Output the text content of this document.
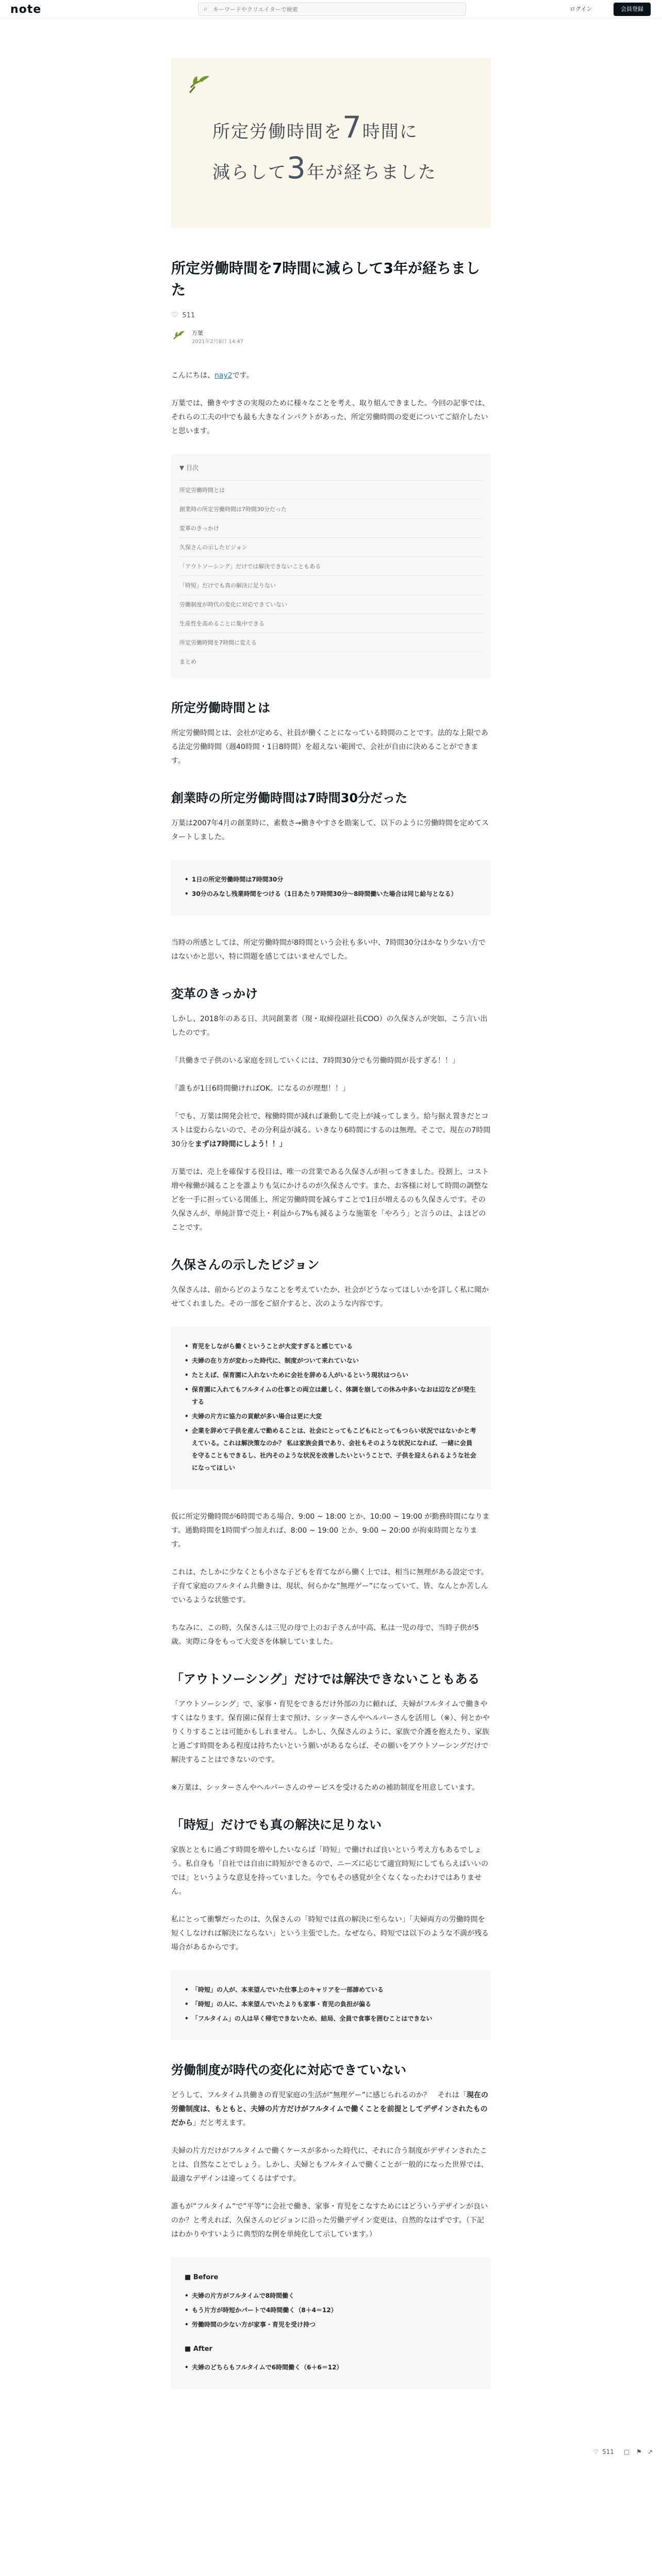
note	⌕
キーワードやクリエイターで検索	ログイン	会員登録
所定労働時間を7時間に
減らして3年が経ちました
所定労働時間を7時間に減らして3年が経ちました
♡ 511
万葉
2021年2月8日 14:47

こんにちは、nay2です。

万葉では、働きやすさの実現のために様々なことを考え、取り組んできました。今回の記事では、それらの工夫の中でも最も大きなインパクトがあった、所定労働時間の変更についてご紹介したいと思います。

▼ 目次
所定労働時間とは
創業時の所定労働時間は7時間30分だった
変革のきっかけ
久保さんの示したビジョン
「アウトソーシング」だけでは解決できないこともある
「時短」だけでも真の解決に足りない
労働制度が時代の変化に対応できていない
生産性を高めることに集中できる
所定労働時間を7時間に変える
まとめ
所定労働時間とは

所定労働時間とは、会社が定める、社員が働くことになっている時間のことです。法的な上限である法定労働時間（週40時間・1日8時間）を超えない範囲で、会社が自由に決めることができます。

創業時の所定労働時間は7時間30分だった

万葉は2007年4月の創業時に、素数さ→働きやすさを勘案して、以下のように労働時間を定めてスタートしました。

• 1日の所定労働時間は7時間30分
• 30分のみなし残業時間をつける（1日あたり7時間30分〜8時間働いた場合は同じ給与となる）

当時の所感としては、所定労働時間が8時間という会社も多い中、7時間30分はかなり少ない方ではないかと思い、特に問題を感じてはいませんでした。

変革のきっかけ

しかし、2018年のある日、共同創業者（現・取締役副社長COO）の久保さんが突如、こう言い出したのです。

「共働きで子供のいる家庭を回していくには、7時間30分でも労働時間が長すぎる！！」

「誰もが1日6時間働ければOK。になるのが理想！！」

「でも、万葉は開発会社で、稼働時間が減れば兼動して売上が減ってしまう。給与据え置きだとコストは変わらないので、その分利益が減る。いきなり6時間にするのは無理。そこで、現在の7時間30分をまずは7時間にしよう！！」

万葉では、売上を確保する役目は、唯一の営業である久保さんが担ってきました。役割上、コスト増や稼働が減ることを誰よりも気にかけるのが久保さんです。また、お客様に対して時間の調整などを一手に担っている関係上、所定労働時間を減らすことで1日が増えるのも久保さんです。その久保さんが、単純計算で売上・利益から7%も減るような施策を「やろう」と言うのは、よほどのことです。

久保さんの示したビジョン

久保さんは、前からどのようなことを考えていたか、社会がどうなってほしいかを詳しく私に聞かせてくれました。その一部をご紹介すると、次のような内容です。

• 育児をしながら働くということが大変すぎると感じている
• 夫婦の在り方が変わった時代に、制度がついて来れていない
• たとえば、保育園に入れないために会社を辞める人がいるという現状はつらい
• 保育園に入れてもフルタイムの仕事との両立は厳しく、体調を崩しての休み中多いなおは辺などが発生する
• 夫婦の片方に協力の貢献が多い場合は更に大変
• 企業を辞めて子供を産んで勤めることは、社会にとってもこどもにとってもつらい状況ではないかと考えている。これは解決策なのか？ 私は家族会員であり、会社もそのような状況になれば、一緒に会員を守ることもできるし、社内そのような状況を改善したいということで、子供を迎えられるような社会になってほしい

仮に所定労働時間が6時間である場合、9:00 ~ 18:00 とか、10:00 ~ 19:00 が勤務時間になります。通勤時間を1時間ずつ加えれば、8:00 ~ 19:00 とか、9:00 ~ 20:00 が拘束時間となります。

これは、たしかに少なくとも小さな子どもを育てながら働く上では、相当に無理がある設定です。子育て家庭のフルタイム共働きは、現状、何らかな”無理ゲー”になっていて、皆、なんとか苦しんでいるような状態です。

ちなみに、この時、久保さんは三児の母で上のお子さんが中高、私は一児の母で、当時子供が5歳。実際に身をもって大変さを体験していました。

「アウトソーシング」だけでは解決できないこともある

「アウトソーシング」で、家事・育児をできるだけ外部の力に頼れば、夫婦がフルタイムで働きやすくはなります。保育園に保育士まで預け、シッターさんやヘルパーさんを活用し（※）、何とかやりくりすることは可能かもしれません。しかし、久保さんのように、家族で介護を抱えたり、家族と過ごす時間をある程度は持ちたいという願いがあるならば、その願いをアウトソーシングだけで解決することはできないのです。

※万葉は、シッターさんやヘルパーさんのサービスを受けるための補助制度を用意しています。

「時短」だけでも真の解決に足りない

家族とともに過ごす時間を増やしたいならば「時短」で働ければ良いという考え方もあるでしょう。私自身も「自社では自由に時短ができるので、ニーズに応じて適宜時短にしてもらえばいいのでは」というような意見を持っていました。今でもその感覚が全くなくなったわけではありません。

私にとって衝撃だったのは、久保さんの「時短では真の解決に至らない」「夫婦両方の労働時間を短くしなければ解決にならない」という主張でした。なぜなら、時短では以下のような不満が残る場合があるからです。

• 「時短」の人が、本来望んでいた仕事上のキャリアを一部諦めている
• 「時短」の人に、本来望んでいたよりも家事・育児の負担が偏る
• 「フルタイム」の人は早く帰宅できないため、結局、全員で食事を囲むことはできない
労働制度が時代の変化に対応できていない

どうして、フルタイム共働きの育児家庭の生活が”無理ゲー”に感じられるのか？　それは「現在の労働制度は、もともと、夫婦の片方だけがフルタイムで働くことを前提としてデザインされたものだから」だと考えます。

夫婦の片方だけがフルタイムで働くケースが多かった時代に、それに合う制度がデザインされたことは、自然なことでしょう。しかし、夫婦ともフルタイムで働くことが一般的になった世界では、最適なデザインは違ってくるはずです。

誰もが”フルタイム”で”平等”に会社で働き、家事・育児をこなすためにはどういうデザインが良いのか？と考えれば、久保さんのビジョンに沿った労働デザイン変更は、自然的なはずです。（下記はわかりやすいように典型的な例を単純化して示しています。）

■ Before
• 夫婦の片方がフルタイムで8時間働く
• もう片方が時短かパートで4時間働く（8＋4＝12）
• 労働時間の少ない方が家事・育児を受け持つ
■ After
• 夫婦のどちらもフルタイムで6時間働く（6＋6＝12）
♡ 511 □ ⚑ ↗
